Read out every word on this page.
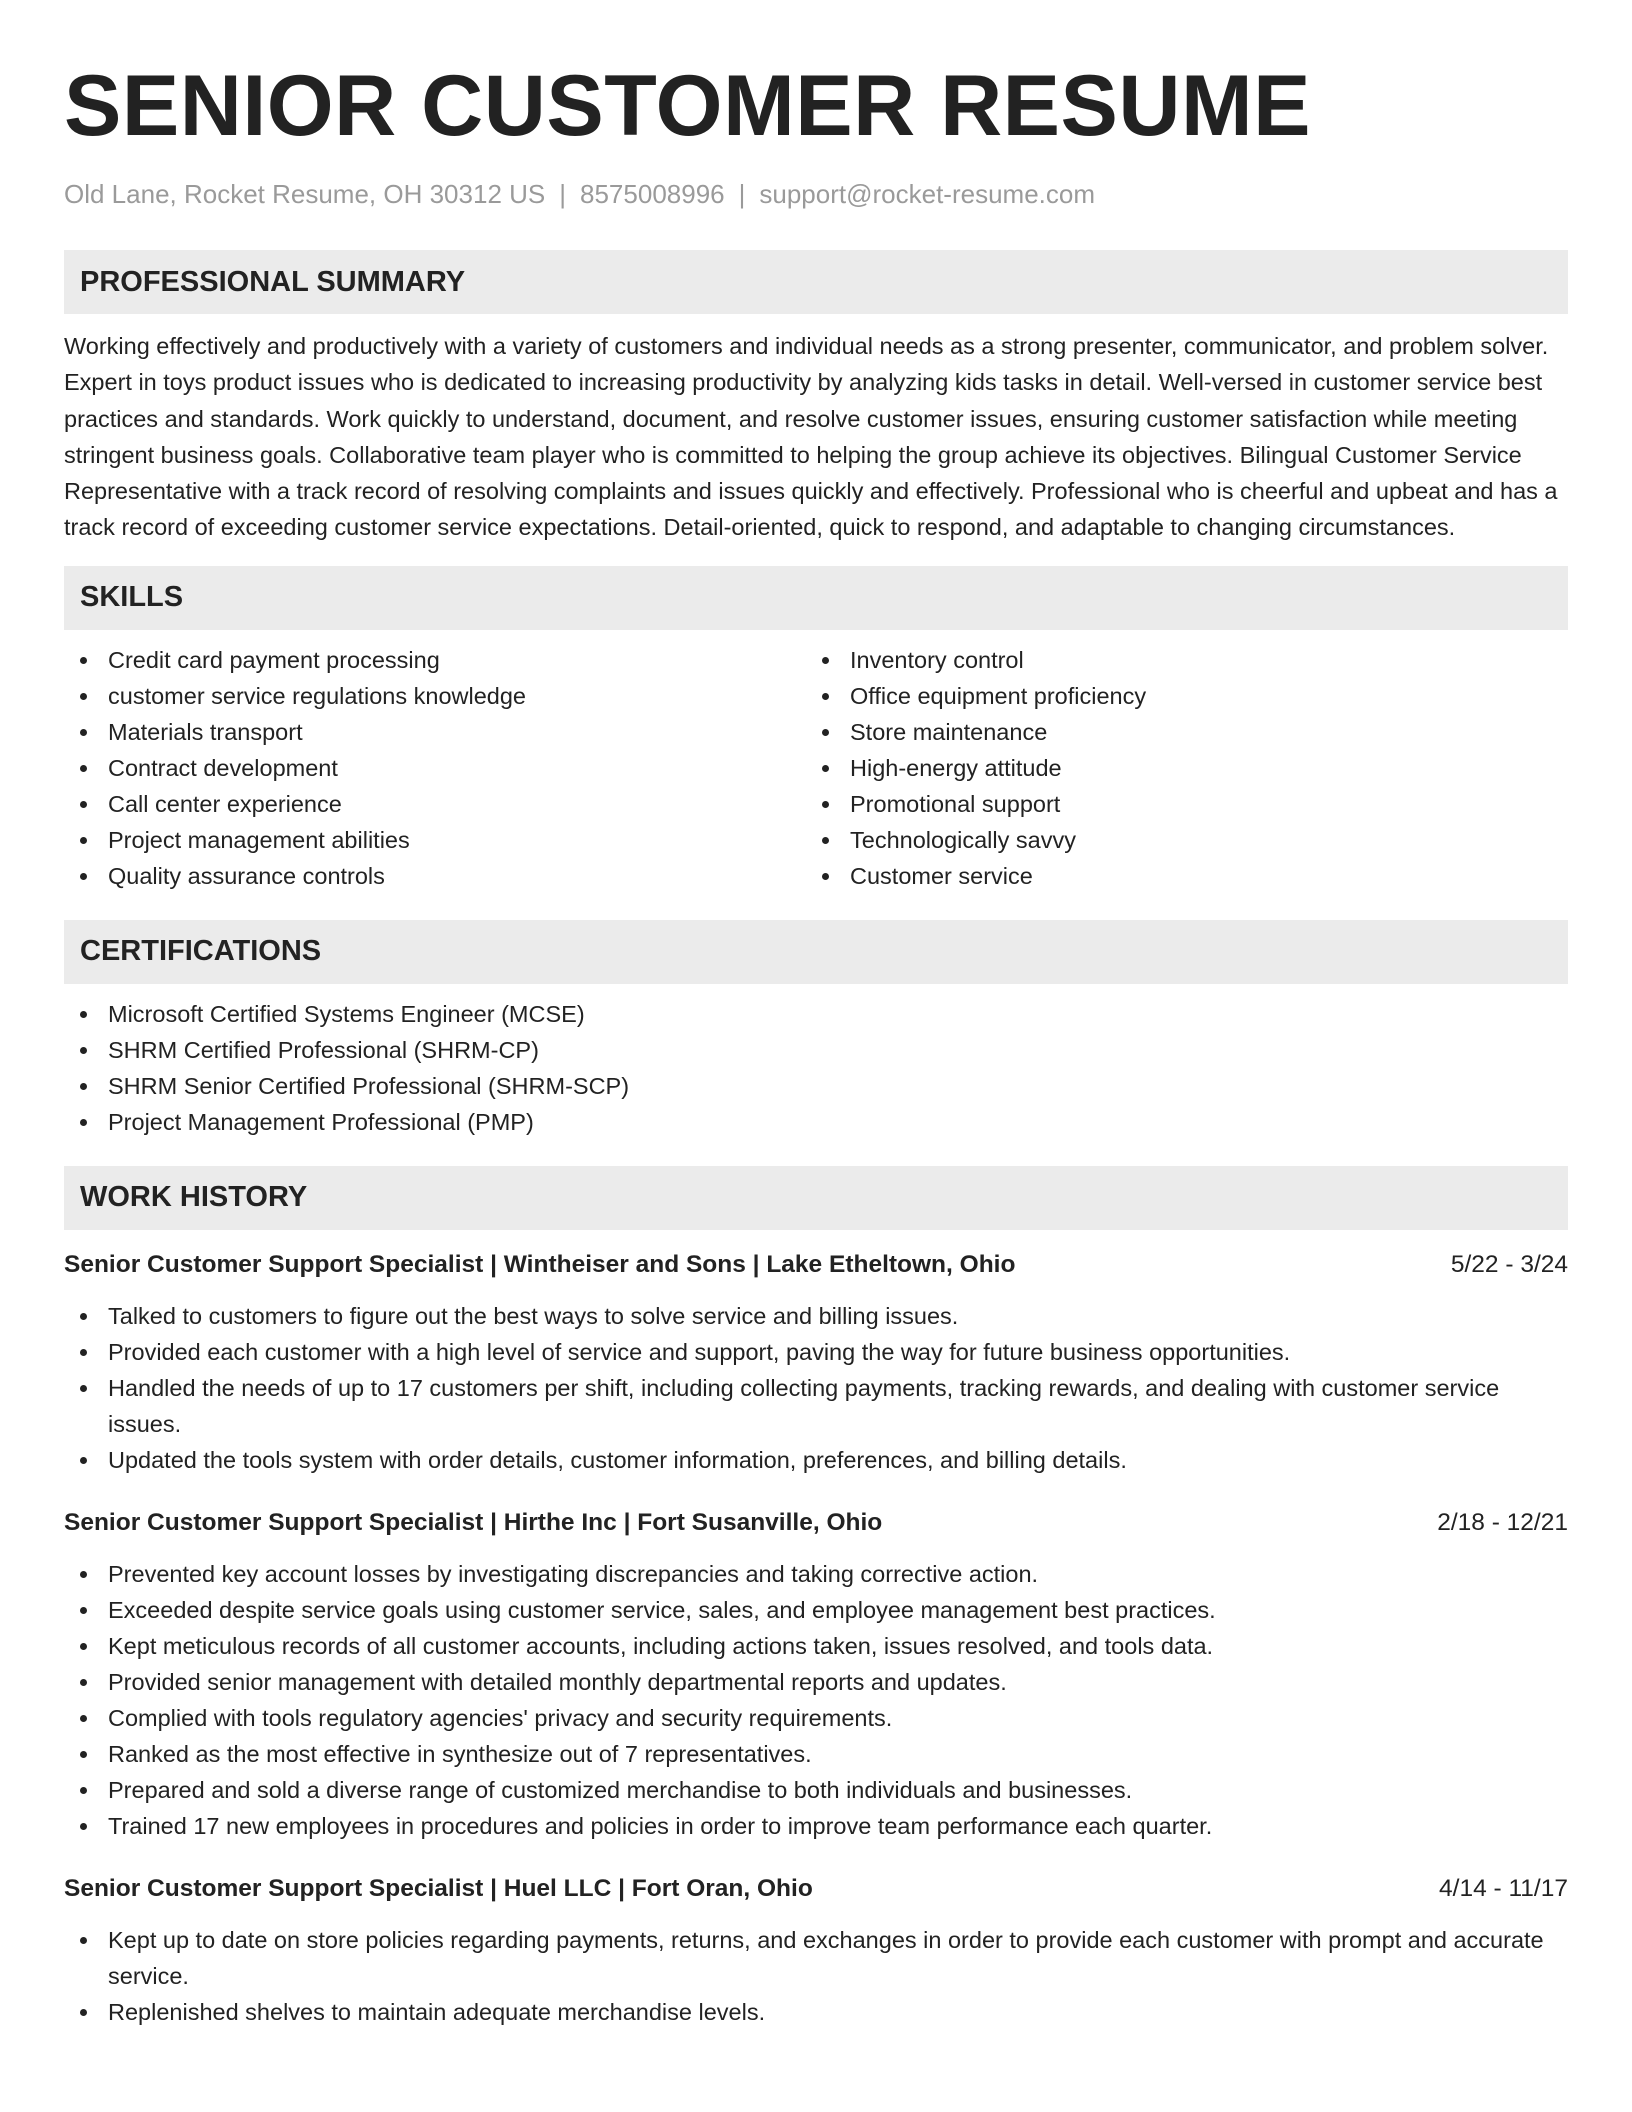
SENIOR CUSTOMER RESUME
Old Lane, Rocket Resume, OH 30312 US | 8575008996 | support@rocket-resume.com
PROFESSIONAL SUMMARY

Working effectively and productively with a variety of customers and individual needs as a strong presenter, communicator, and problem solver. Expert in toys product issues who is dedicated to increasing productivity by analyzing kids tasks in detail. Well-versed in customer service best practices and standards. Work quickly to understand, document, and resolve customer issues, ensuring customer satisfaction while meeting stringent business goals. Collaborative team player who is committed to helping the group achieve its objectives. Bilingual Customer Service Representative with a track record of resolving complaints and issues quickly and effectively. Professional who is cheerful and upbeat and has a track record of exceeding customer service expectations. Detail-oriented, quick to respond, and adaptable to changing circumstances.

SKILLS
Credit card payment processing
customer service regulations knowledge
Materials transport
Contract development
Call center experience
Project management abilities
Quality assurance controls
Inventory control
Office equipment proficiency
Store maintenance
High-energy attitude
Promotional support
Technologically savvy
Customer service
CERTIFICATIONS
Microsoft Certified Systems Engineer (MCSE)
SHRM Certified Professional (SHRM-CP)
SHRM Senior Certified Professional (SHRM-SCP)
Project Management Professional (PMP)
WORK HISTORY
Senior Customer Support Specialist | Wintheiser and Sons | Lake Etheltown, Ohio	5/22 - 3/24
Talked to customers to figure out the best ways to solve service and billing issues.
Provided each customer with a high level of service and support, paving the way for future business opportunities.
Handled the needs of up to 17 customers per shift, including collecting payments, tracking rewards, and dealing with customer service issues.
Updated the tools system with order details, customer information, preferences, and billing details.
Senior Customer Support Specialist | Hirthe Inc | Fort Susanville, Ohio	2/18 - 12/21
Prevented key account losses by investigating discrepancies and taking corrective action.
Exceeded despite service goals using customer service, sales, and employee management best practices.
Kept meticulous records of all customer accounts, including actions taken, issues resolved, and tools data.
Provided senior management with detailed monthly departmental reports and updates.
Complied with tools regulatory agencies' privacy and security requirements.
Ranked as the most effective in synthesize out of 7 representatives.
Prepared and sold a diverse range of customized merchandise to both individuals and businesses.
Trained 17 new employees in procedures and policies in order to improve team performance each quarter.
Senior Customer Support Specialist | Huel LLC | Fort Oran, Ohio	4/14 - 11/17
Kept up to date on store policies regarding payments, returns, and exchanges in order to provide each customer with prompt and accurate service.
Replenished shelves to maintain adequate merchandise levels.
